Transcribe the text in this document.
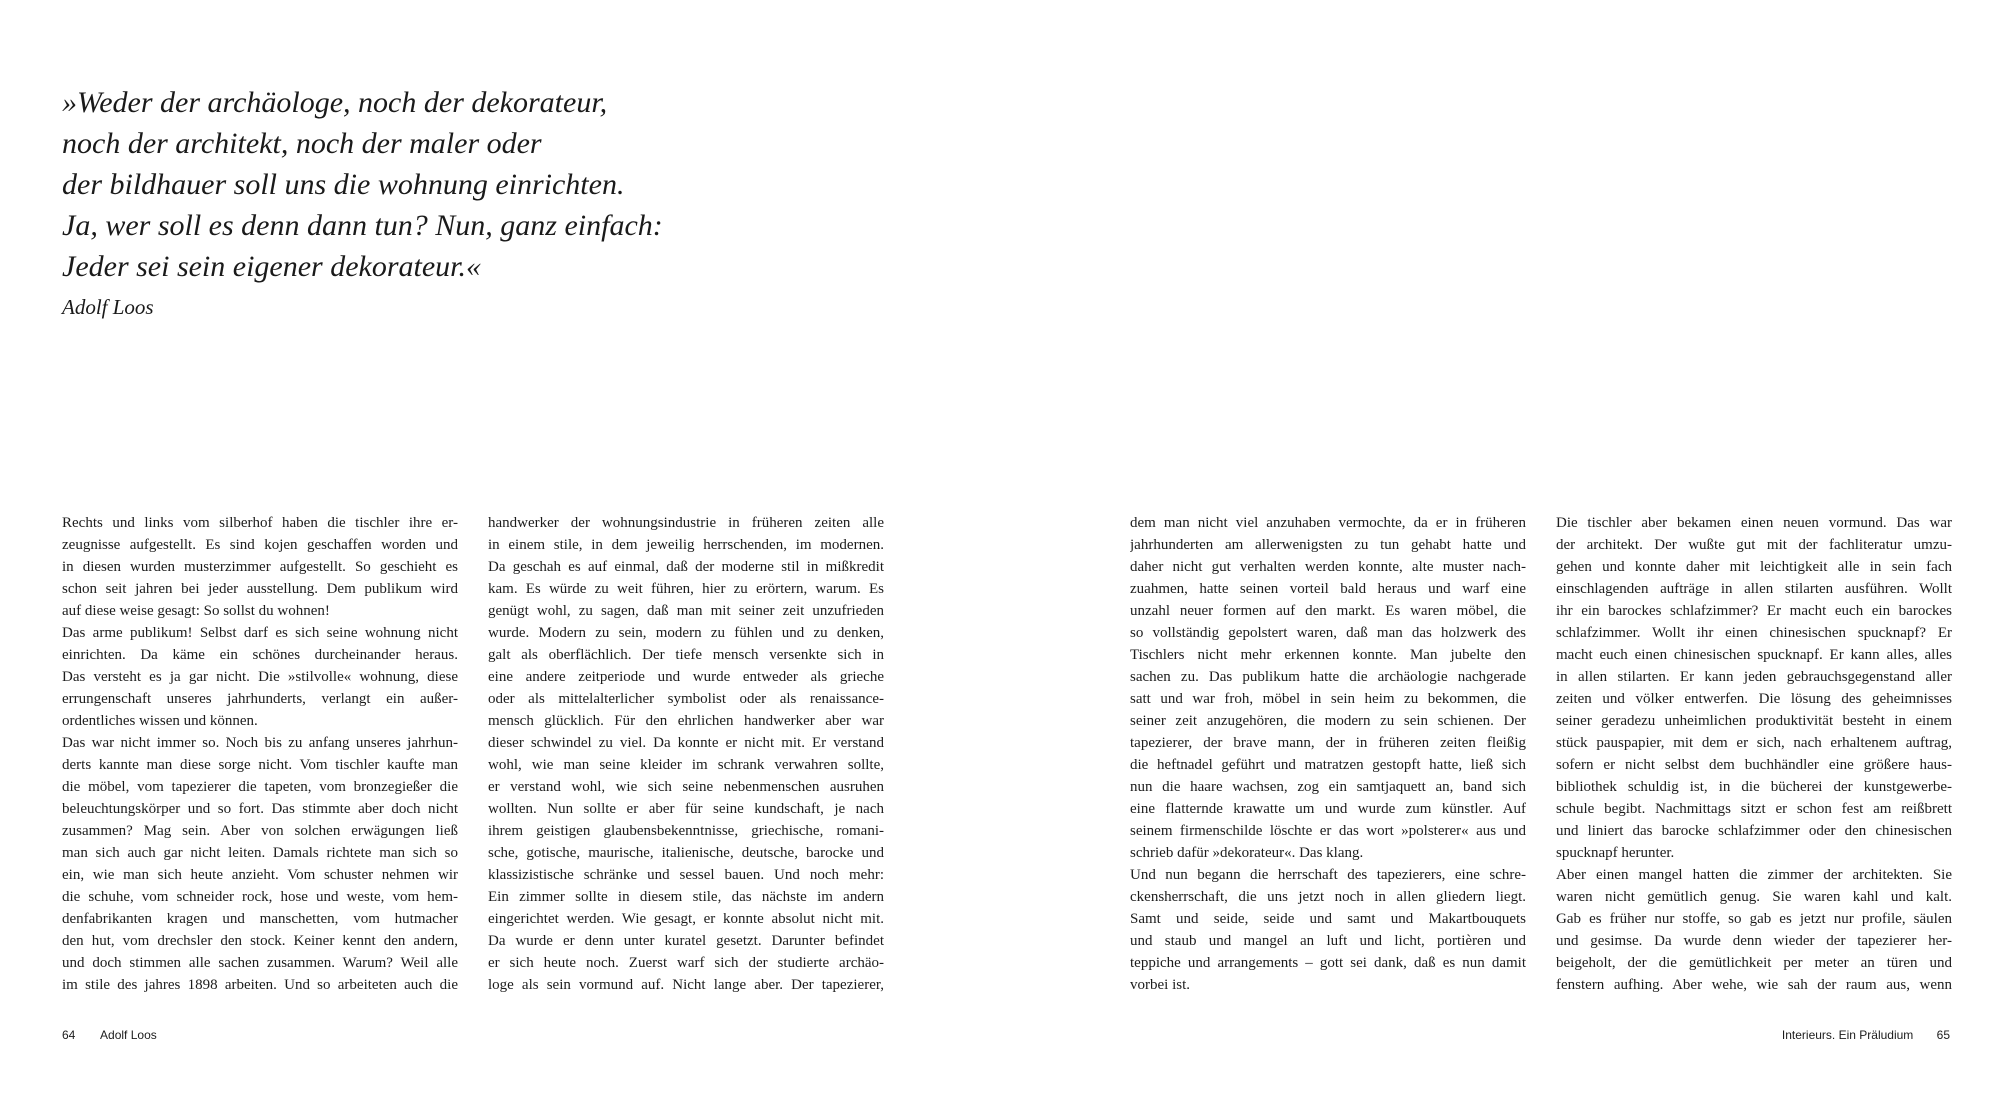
»Weder der archäologe, noch der dekorateur,
noch der architekt, noch der maler oder
der bildhauer soll uns die wohnung einrichten.
Ja, wer soll es denn dann tun? Nun, ganz einfach:
Jeder sei sein eigener dekorateur.«
Adolf Loos
Rechts und links vom silberhof haben die tischler ihre er-
zeugnisse aufgestellt. Es sind kojen geschaffen worden und
in diesen wurden musterzimmer aufgestellt. So geschieht es
schon seit jahren bei jeder ausstellung. Dem publikum wird
auf diese weise gesagt: So sollst du wohnen!
Das arme publikum! Selbst darf es sich seine wohnung nicht
einrichten. Da käme ein schönes durcheinander heraus.
Das versteht es ja gar nicht. Die »stilvolle« wohnung, diese
errungenschaft unseres jahrhunderts, verlangt ein außer-
ordentliches wissen und können.
Das war nicht immer so. Noch bis zu anfang unseres jahrhun-
derts kannte man diese sorge nicht. Vom tischler kaufte man
die möbel, vom tapezierer die tapeten, vom bronzegießer die
beleuchtungskörper und so fort. Das stimmte aber doch nicht
zusammen? Mag sein. Aber von solchen erwägungen ließ
man sich auch gar nicht leiten. Damals richtete man sich so
ein, wie man sich heute anzieht. Vom schuster nehmen wir
die schuhe, vom schneider rock, hose und weste, vom hem-
denfabrikanten kragen und manschetten, vom hutmacher
den hut, vom drechsler den stock. Keiner kennt den andern,
und doch stimmen alle sachen zusammen. Warum? Weil alle
im stile des jahres 1898 arbeiten. Und so arbeiteten auch die
handwerker der wohnungsindustrie in früheren zeiten alle
in einem stile, in dem jeweilig herrschenden, im modernen.
Da geschah es auf einmal, daß der moderne stil in mißkredit
kam. Es würde zu weit führen, hier zu erörtern, warum. Es
genügt wohl, zu sagen, daß man mit seiner zeit unzufrieden
wurde. Modern zu sein, modern zu fühlen und zu denken,
galt als oberflächlich. Der tiefe mensch versenkte sich in
eine andere zeitperiode und wurde entweder als grieche
oder als mittelalterlicher symbolist oder als renaissance-
mensch glücklich. Für den ehrlichen handwerker aber war
dieser schwindel zu viel. Da konnte er nicht mit. Er verstand
wohl, wie man seine kleider im schrank verwahren sollte,
er verstand wohl, wie sich seine nebenmenschen ausruhen
wollten. Nun sollte er aber für seine kundschaft, je nach
ihrem geistigen glaubensbekenntnisse, griechische, romani-
sche, gotische, maurische, italienische, deutsche, barocke und
klassizistische schränke und sessel bauen. Und noch mehr:
Ein zimmer sollte in diesem stile, das nächste im andern
eingerichtet werden. Wie gesagt, er konnte absolut nicht mit.
Da wurde er denn unter kuratel gesetzt. Darunter befindet
er sich heute noch. Zuerst warf sich der studierte archäo-
loge als sein vormund auf. Nicht lange aber. Der tapezierer,
dem man nicht viel anzuhaben vermochte, da er in früheren
jahrhunderten am allerwenigsten zu tun gehabt hatte und
daher nicht gut verhalten werden konnte, alte muster nach-
zuahmen, hatte seinen vorteil bald heraus und warf eine
unzahl neuer formen auf den markt. Es waren möbel, die
so vollständig gepolstert waren, daß man das holzwerk des
Tischlers nicht mehr erkennen konnte. Man jubelte den
sachen zu. Das publikum hatte die archäologie nachgerade
satt und war froh, möbel in sein heim zu bekommen, die
seiner zeit anzugehören, die modern zu sein schienen. Der
tapezierer, der brave mann, der in früheren zeiten fleißig
die heftnadel geführt und matratzen gestopft hatte, ließ sich
nun die haare wachsen, zog ein samtjaquett an, band sich
eine flatternde krawatte um und wurde zum künstler. Auf
seinem firmenschilde löschte er das wort »polsterer« aus und
schrieb dafür »dekorateur«. Das klang.
Und nun begann die herrschaft des tapezierers, eine schre-
ckensherrschaft, die uns jetzt noch in allen gliedern liegt.
Samt und seide, seide und samt und Makartbouquets
und staub und mangel an luft und licht, portièren und
teppiche und arrangements – gott sei dank, daß es nun damit
vorbei ist.
Die tischler aber bekamen einen neuen vormund. Das war
der architekt. Der wußte gut mit der fachliteratur umzu-
gehen und konnte daher mit leichtigkeit alle in sein fach
einschlagenden aufträge in allen stilarten ausführen. Wollt
ihr ein barockes schlafzimmer? Er macht euch ein barockes
schlafzimmer. Wollt ihr einen chinesischen spucknapf? Er
macht euch einen chinesischen spucknapf. Er kann alles, alles
in allen stilarten. Er kann jeden gebrauchsgegenstand aller
zeiten und völker entwerfen. Die lösung des geheimnisses
seiner geradezu unheimlichen produktivität besteht in einem
stück pauspapier, mit dem er sich, nach erhaltenem auftrag,
sofern er nicht selbst dem buchhändler eine größere haus-
bibliothek schuldig ist, in die bücherei der kunstgewerbe-
schule begibt. Nachmittags sitzt er schon fest am reißbrett
und liniert das barocke schlafzimmer oder den chinesischen
spucknapf herunter.
Aber einen mangel hatten die zimmer der architekten. Sie
waren nicht gemütlich genug. Sie waren kahl und kalt.
Gab es früher nur stoffe, so gab es jetzt nur profile, säulen
und gesimse. Da wurde denn wieder der tapezierer her-
beigeholt, der die gemütlichkeit per meter an türen und
fenstern aufhing. Aber wehe, wie sah der raum aus, wenn
64 Adolf Loos	Interieurs. Ein Präludium 65
